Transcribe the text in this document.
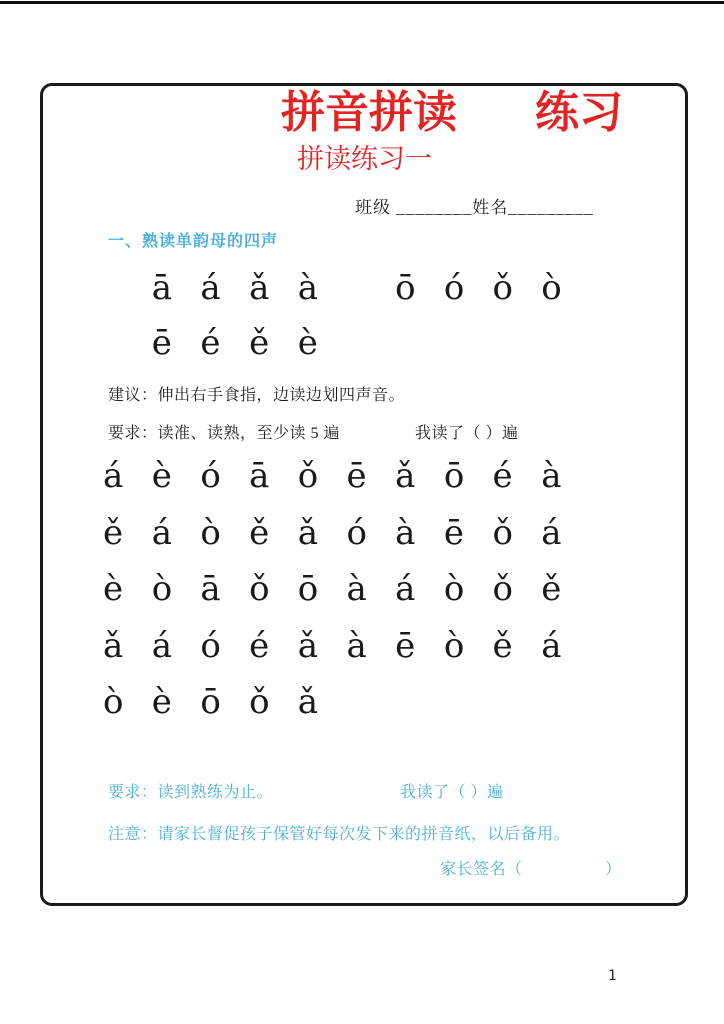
拼音拼读 练习
拼读练习一
班级 ________姓名_________
一、熟读单韵母的四声
ā á ǎ à	ō ó ǒ ò
ē é ě è
建议：伸出右手食指，边读边划四声音。
要求：读准、读熟，至少读 5 遍	我读了（ ）遍
á è ó ā ǒ ē ǎ ō é à
ě á ò ě ǎ ó à ē ǒ á
è ò ā ǒ ō à á ò ǒ ě
ǎ á ó é ǎ à ē ò ě á
ò è ō ǒ ǎ
要求：读到熟练为止。	我读了（ ）遍
注意：请家长督促孩子保管好每次发下来的拼音纸，以后备用。
家长签名（　　　　　）
1
